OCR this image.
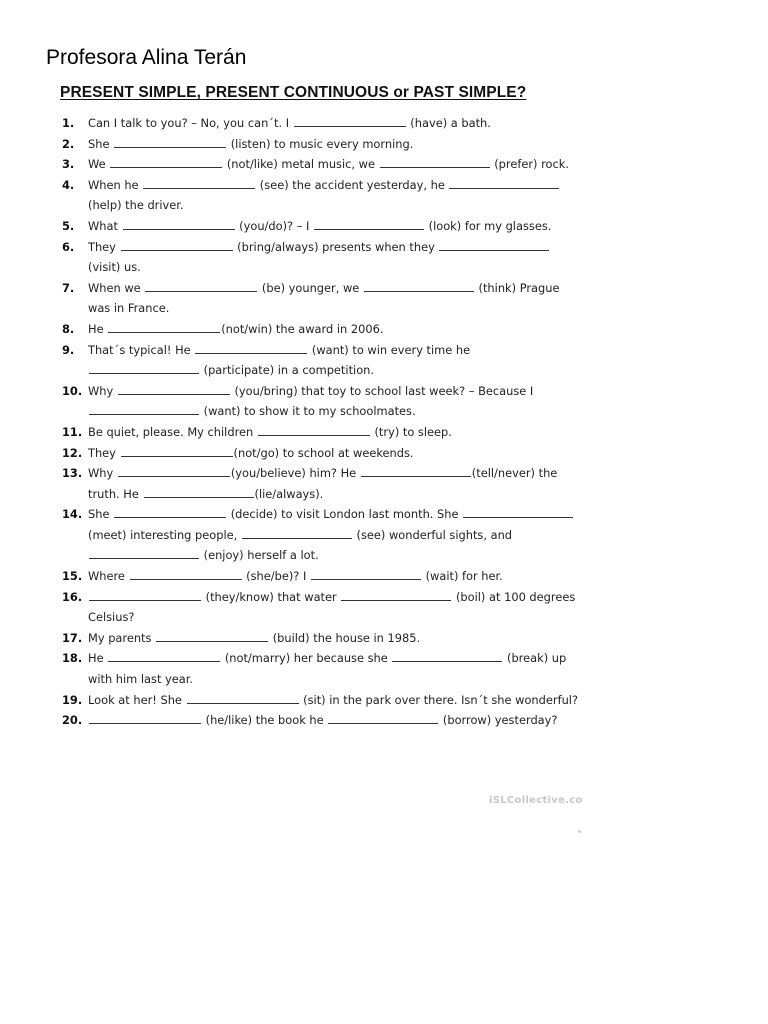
Profesora Alina Terán
PRESENT SIMPLE, PRESENT CONTINUOUS or PAST SIMPLE?
1.	Can I talk to you? – No, you can´t. I	(have) a bath.
2.	She	(listen) to music every morning.
3.	We	(not/like) metal music, we	(prefer) rock.
4.	When he	(see) the accident yesterday, he  (help) the driver.
5.	What	(you/do)? – I	(look) for my glasses.
6.	They	(bring/always) presents when they  (visit) us.
7.	When we	(be) younger, we	(think) Prague was in France.
8.	He	(not/win) the award in 2006.
9.	That´s typical! He	(want) to win every time he  (participate) in a competition.
10. Why	(you/bring) that toy to school last week? – Because I  (want) to show it to my schoolmates.
11. Be quiet, please. My children	(try) to sleep.
12. They	(not/go) to school at weekends.
13. Why	(you/believe) him? He	(tell/never) the truth. He	(lie/always).
14. She	(decide) to visit London last month. She  (meet) interesting people,	(see) wonderful sights, and  (enjoy) herself a lot.
15. Where	(she/be)? I	(wait) for her.
16.	(they/know) that water	(boil) at 100 degrees Celsius?
17. My parents	(build) the house in 1985.
18. He	(not/marry) her because she	(break) up with him last year.
19. Look at her! She	(sit) in the park over there. Isn´t she wonderful?
20.	(he/like) the book he	(borrow) yesterday?
iSLCollective.co
